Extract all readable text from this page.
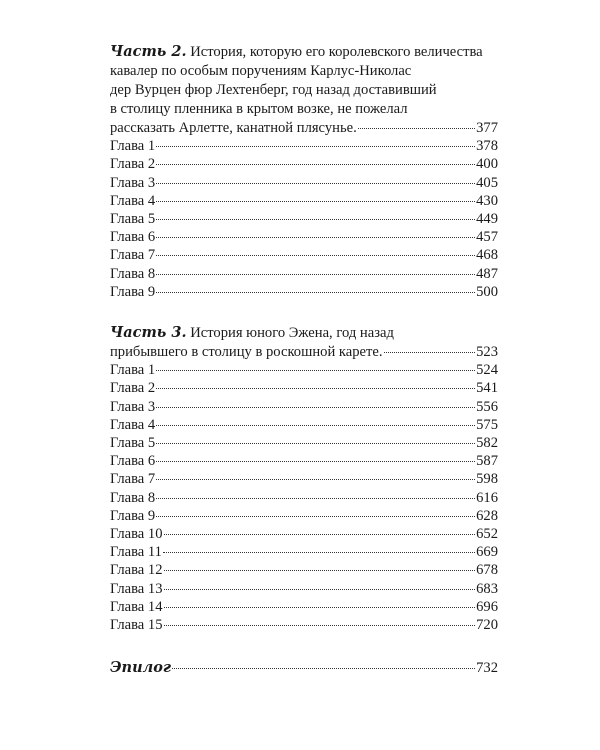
Часть 2. История, которую его королевского величества
кавалер по особым поручениям Карлус-Николас
дер Вурцен фюр Лехтенберг, год назад доставивший
в столицу пленника в крытом возке, не пожелал
рассказать Арлетте, канатной плясунье.	377
Глава 1	378
Глава 2	400
Глава 3	405
Глава 4	430
Глава 5	449
Глава 6	457
Глава 7	468
Глава 8	487
Глава 9	500
Часть 3. История юного Эжена, год назад
прибывшего в столицу в роскошной карете.	523
Глава 1	524
Глава 2	541
Глава 3	556
Глава 4	575
Глава 5	582
Глава 6	587
Глава 7	598
Глава 8	616
Глава 9	628
Глава 10	652
Глава 11	669
Глава 12	678
Глава 13	683
Глава 14	696
Глава 15	720
Эпилог	732
